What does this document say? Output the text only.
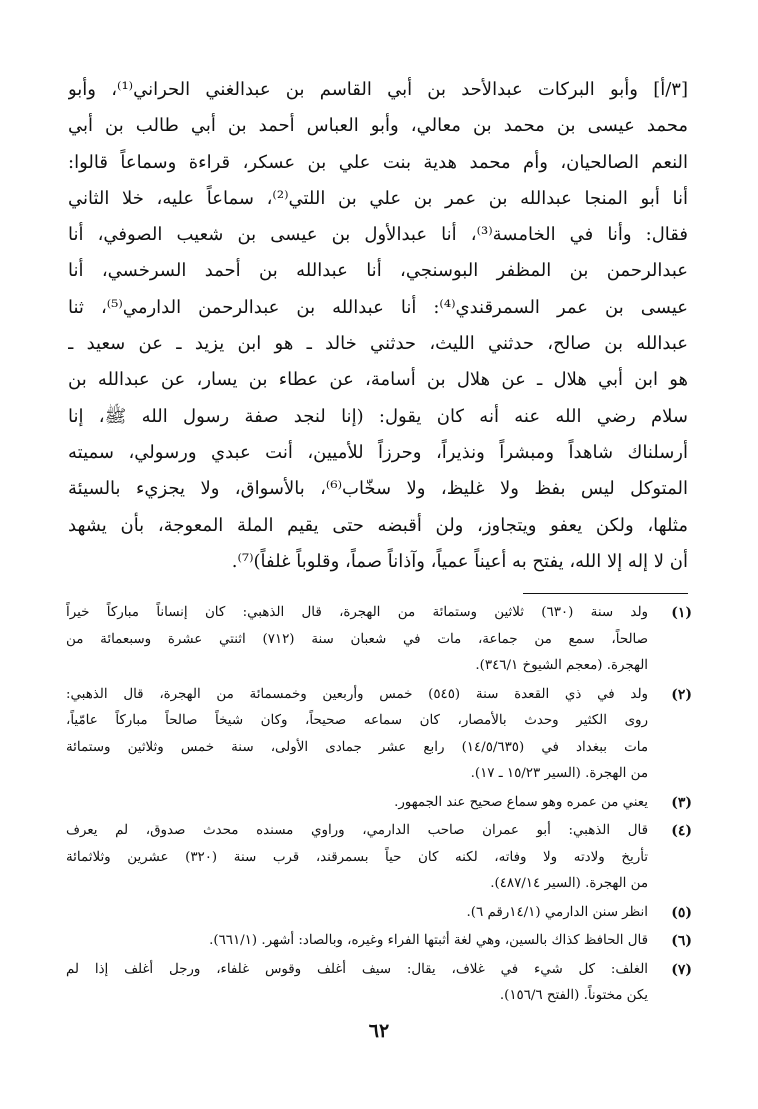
[٣/أ] وأبو البركات عبدالأحد بن أبي القاسم بن عبدالغني الحراني⁽¹⁾، وأبو
محمد عيسى بن محمد بن معالي، وأبو العباس أحمد بن أبي طالب بن أبي
النعم الصالحيان، وأم محمد هدية بنت علي بن عسكر، قراءة وسماعاً قالوا:
أنا أبو المنجا عبدالله بن عمر بن علي بن اللتي⁽²⁾، سماعاً عليه، خلا الثاني
فقال: وأنا في الخامسة⁽³⁾، أنا عبدالأول بن عيسى بن شعيب الصوفي، أنا
عبدالرحمن بن المظفر البوسنجي، أنا عبدالله بن أحمد السرخسي، أنا
عيسى بن عمر السمرقندي⁽⁴⁾: أنا عبدالله بن عبدالرحمن الدارمي⁽⁵⁾، ثنا
عبدالله بن صالح، حدثني الليث، حدثني خالد ـ هو ابن يزيد ـ عن سعيد ـ
هو ابن أبي هلال ـ عن هلال بن أسامة، عن عطاء بن يسار، عن عبدالله بن
سلام رضي الله عنه أنه كان يقول: (إنا لنجد صفة رسول الله ﷺ، إنا
أرسلناك شاهداً ومبشراً ونذيراً، وحرزاً للأميين، أنت عبدي ورسولي، سميته
المتوكل ليس بفظ ولا غليظ، ولا سخّاب⁽⁶⁾، بالأسواق، ولا يجزيء بالسيئة
مثلها، ولكن يعفو ويتجاوز، ولن أقبضه حتى يقيم الملة المعوجة، بأن يشهد
أن لا إله إلا الله، يفتح به أعيناً عمياً، وآذاناً صماً، وقلوباً غلفاً)⁽⁷⁾.
(١)
ولد سنة (٦٣٠) ثلاثين وستمائة من الهجرة، قال الذهبي: كان إنساناً مباركاً خيراً
صالحاً، سمع من جماعة، مات في شعبان سنة (٧١٢) اثنتي عشرة وسبعمائة من
الهجرة. (معجم الشيوخ ٣٤٦/١).
(٢)
ولد في ذي القعدة سنة (٥٤٥) خمس وأربعين وخمسمائة من الهجرة، قال الذهبي:
روى الكثير وحدث بالأمصار، كان سماعه صحيحاً، وكان شيخاً صالحاً مباركاً عامّياً،
مات ببغداد في (١٤/٥/٦٣٥) رابع عشر جمادى الأولى، سنة خمس وثلاثين وستمائة
من الهجرة. (السير ١٥/٢٣ ـ ١٧).
(٣)
يعني من عمره وهو سماع صحيح عند الجمهور.
(٤)
قال الذهبي: أبو عمران صاحب الدارمي، وراوي مسنده محدث صدوق، لم يعرف
تأريخ ولادته ولا وفاته، لكنه كان حياً بسمرقند، قرب سنة (٣٢٠) عشرين وثلاثمائة
من الهجرة. (السير ٤٨٧/١٤).
(٥)
انظر سنن الدارمي (١٤/١رقم ٦).
(٦)
قال الحافظ كذاك بالسين، وهي لغة أثبتها الفراء وغيره، وبالصاد: أشهر. (٦٦١/١).
(٧)
الغلف: كل شيء في غلاف، يقال: سيف أغلف وقوس غلفاء، ورجل أغلف إذا لم
يكن مختوناً. (الفتح ١٥٦/٦).
٦٢
